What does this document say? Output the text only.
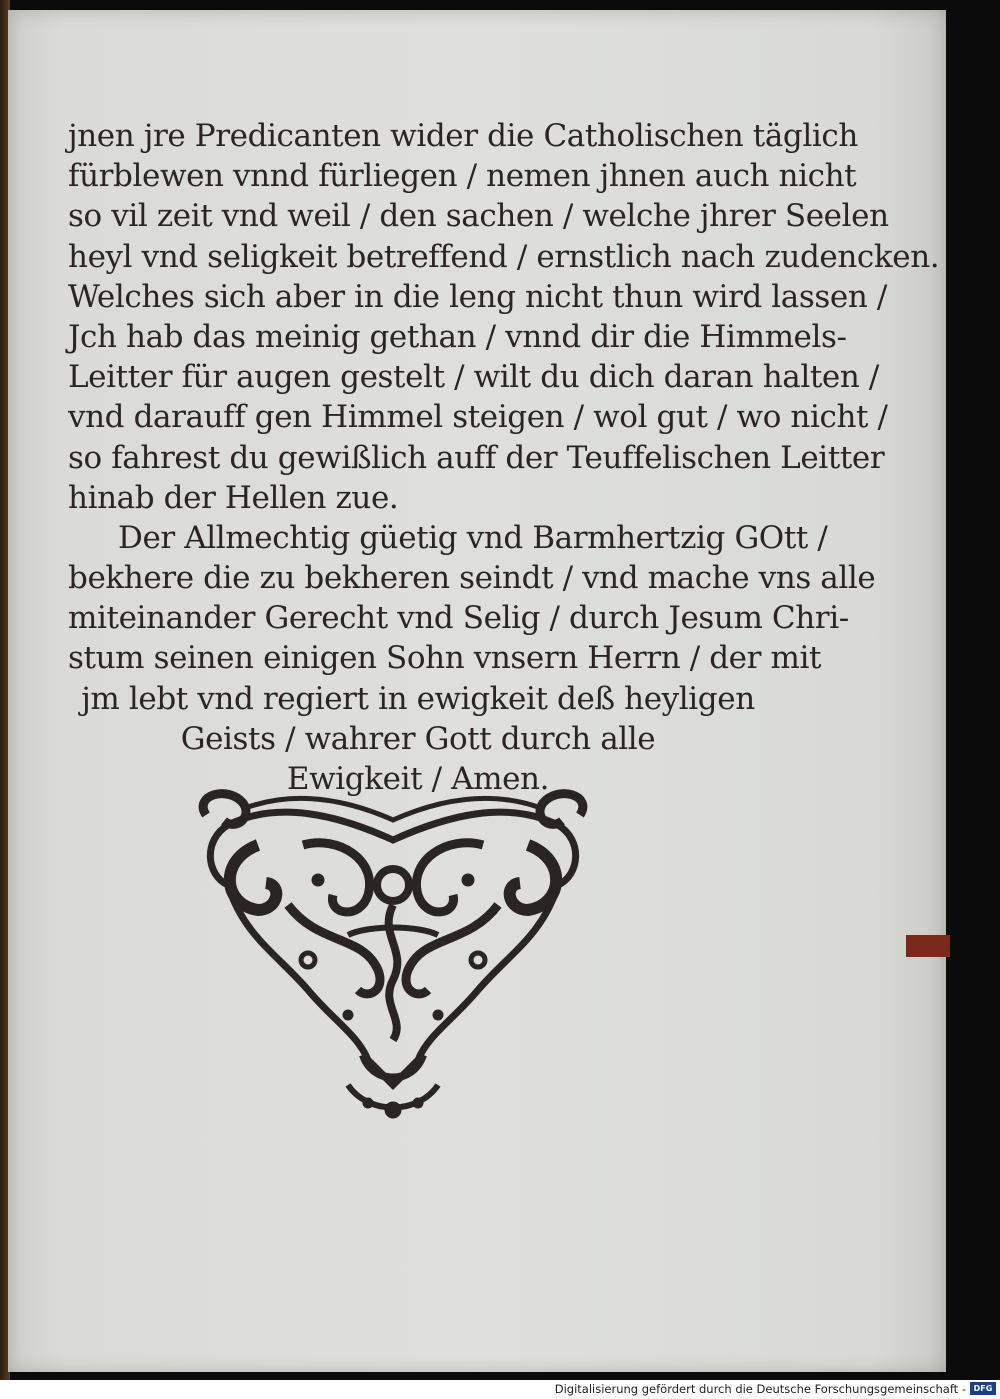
jnen jre Predicanten wider die Catholischen täglich
fürblewen vnnd fürliegen / nemen jhnen auch nicht
so vil zeit vnd weil / den sachen / welche jhrer Seelen
heyl vnd seligkeit betreffend / ernstlich nach zudencken.
Welches sich aber in die leng nicht thun wird lassen /
Jch hab das meinig gethan / vnnd dir die Himmels-
Leitter für augen gestelt / wilt du dich daran halten /
vnd darauff gen Himmel steigen / wol gut / wo nicht /
so fahrest du gewißlich auff der Teuffelischen Leitter
hinab der Hellen zue.
Der Allmechtig güetig vnd Barmhertzig GOtt /
bekhere die zu bekheren seindt / vnd mache vns alle
miteinander Gerecht vnd Selig / durch Jesum Chri-
stum seinen einigen Sohn vnsern Herrn / der mit
jm lebt vnd regiert in ewigkeit deß heyligen
Geists / wahrer Gott durch alle
Ewigkeit / Amen.
Digitalisierung gefördert durch die Deutsche Forschungsgemeinschaft - DFG
